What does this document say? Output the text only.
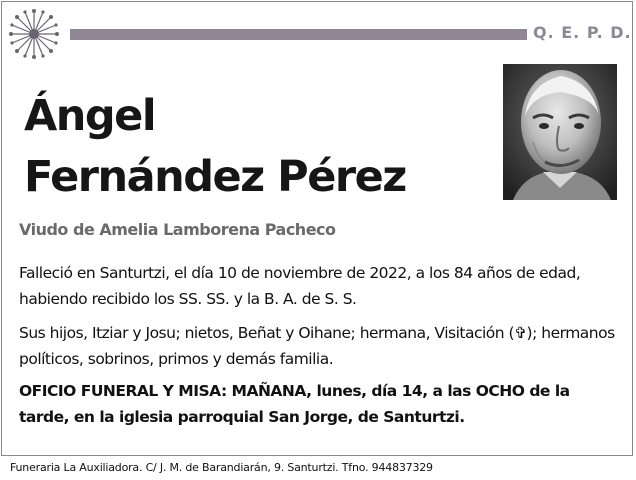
Q. E. P. D.
Ángel
Fernández Pérez
Viudo de Amelia Lamborena Pacheco
Falleció en Santurtzi, el día 10 de noviembre de 2022, a los 84 años de edad, habiendo recibido los SS. SS. y la B. A. de S. S.
Sus hijos, Itziar y Josu; nietos, Beñat y Oihane; hermana, Visitación (✞); hermanos políticos, sobrinos, primos y demás familia.
OFICIO FUNERAL Y MISA: MAÑANA, lunes, día 14, a las OCHO de la tarde, en la iglesia parroquial San Jorge, de Santurtzi.
Funeraria La Auxiliadora. C/ J. M. de Barandiarán, 9. Santurtzi. Tfno. 944837329
